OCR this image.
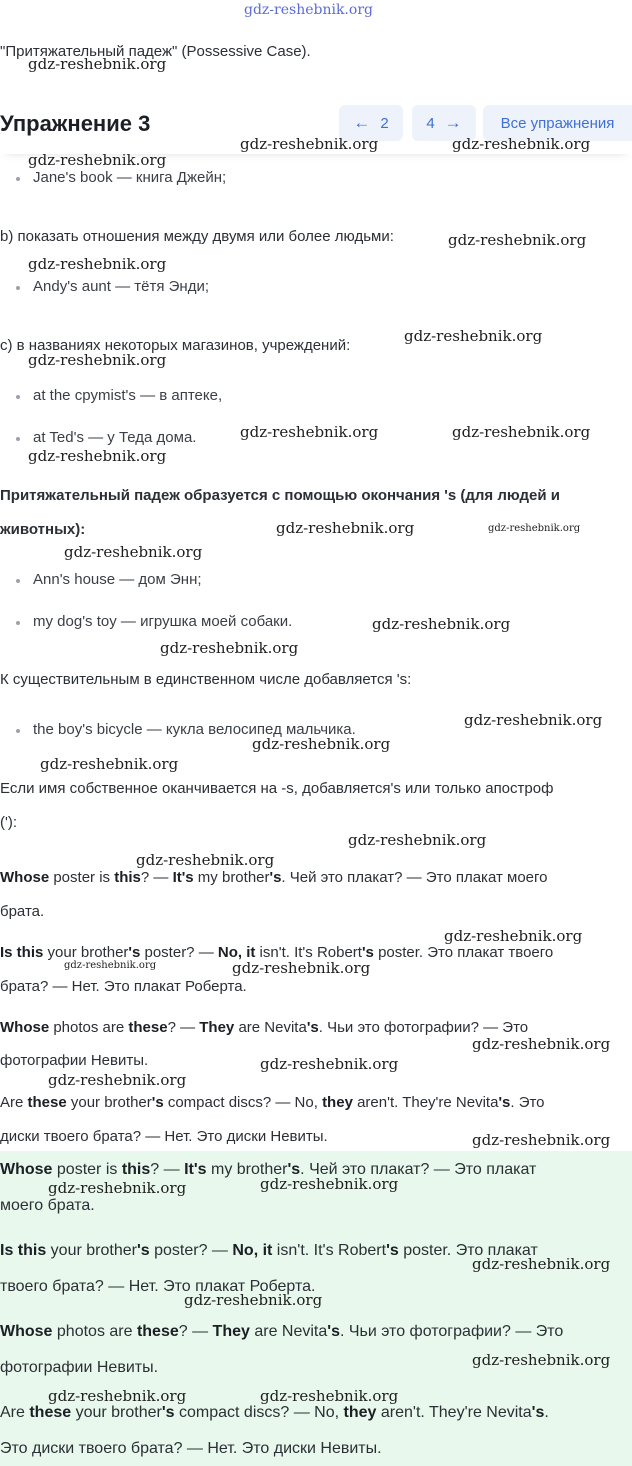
gdz-reshebnik.org
"Притяжательный падеж" (Possessive Case).
gdz-reshebnik.org
Упражнение 3	← 2	4 →	Все упражнения
gdz-reshebnik.org	gdz-reshebnik.org
gdz-reshebnik.org
Jane's book — книга Джейн;
b) показать отношения между двумя или более людьми:	gdz-reshebnik.org
gdz-reshebnik.org
Andy's aunt — тётя Энди;
c) в названиях некоторых магазинов, учреждений:
gdz-reshebnik.org
gdz-reshebnik.org
at the срymist's — в аптеке,
at Ted's — у Теда дома.	gdz-reshebnik.org	gdz-reshebnik.org
gdz-reshebnik.org
Притяжательный падеж образуется с помощью окончания 's (для людей и
животных):	gdz-reshebnik.org	gdz-reshebnik.org
gdz-reshebnik.org
Ann's house — дом Энн;
my dog's toy — игрушка моей собаки.	gdz-reshebnik.org
gdz-reshebnik.org
К существительным в единственном числе добавляется 's:
the boy's bicycle — кукла велосипед мальчика.
gdz-reshebnik.org
gdz-reshebnik.org
gdz-reshebnik.org
Если имя собственное оканчивается на -s, добавляется's или только апостроф
('):
gdz-reshebnik.org
gdz-reshebnik.org
Whose poster is this? — It's my brother's. Чей это плакат? — Это плакат моего
брата.
gdz-reshebnik.org
Is this your brother's poster? — No, it isn't. It's Robert's poster. Это плакат твоего
gdz-reshebnik.org	gdz-reshebnik.org
брата? — Нет. Это плакат Роберта.
Whose photos are these? — They are Nevita's. Чьи это фотографии? — Это
gdz-reshebnik.org
фотографии Невиты.	gdz-reshebnik.org
gdz-reshebnik.org
Are these your brother's compact discs? — No, they aren't. They're Nevita's. Это
диски твоего брата? — Нет. Это диски Невиты.	gdz-reshebnik.org
Whose poster is this? — It's my brother's. Чей это плакат? — Это плакат
gdz-reshebnik.org	gdz-reshebnik.org
моего брата.
Is this your brother's poster? — No, it isn't. It's Robert's poster. Это плакат
gdz-reshebnik.org
твоего брата? — Нет. Это плакат Роберта.
gdz-reshebnik.org
Whose photos are these? — They are Nevita's. Чьи это фотографии? — Это
фотографии Невиты.	gdz-reshebnik.org
gdz-reshebnik.org	gdz-reshebnik.org
Are these your brother's compact discs? — No, they aren't. They're Nevita's.
Это диски твоего брата? — Нет. Это диски Невиты.
